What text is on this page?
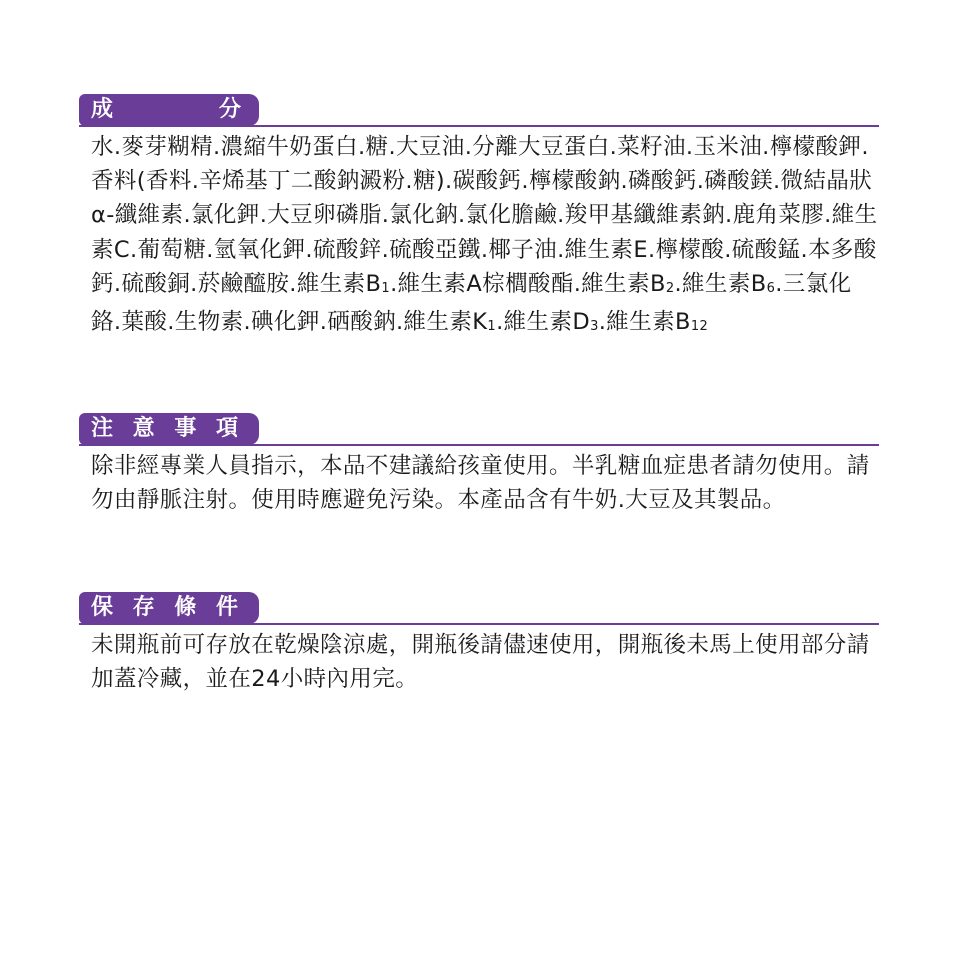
成	分

水.麥芽糊精.濃縮牛奶蛋白.糖.大豆油.分離大豆蛋白.菜籽油.玉米油.檸檬酸鉀.香料(香料.辛烯基丁二酸鈉澱粉.糖).碳酸鈣.檸檬酸鈉.磷酸鈣.磷酸鎂.微結晶狀α-纖維素.氯化鉀.大豆卵磷脂.氯化鈉.氯化膽鹼.羧甲基纖維素鈉.鹿角菜膠.維生素C.葡萄糖.氫氧化鉀.硫酸鋅.硫酸亞鐵.椰子油.維生素E.檸檬酸.硫酸錳.本多酸鈣.硫酸銅.菸鹼醯胺.維生素$B_1$.維生素A棕櫚酸酯.維生素$B_2$.維生素$B_6$.三氯化鉻.葉酸.生物素.碘化鉀.硒酸鈉.維生素$K_1$.維生素$D_3$.維生素$B_{12}$

注 意 事 項

除非經專業人員指示，本品不建議給孩童使用。半乳糖血症患者請勿使用。請勿由靜脈注射。使用時應避免污染。本產品含有牛奶.大豆及其製品。

保 存 條 件

未開瓶前可存放在乾燥陰涼處，開瓶後請儘速使用，開瓶後未馬上使用部分請加蓋冷藏，並在24小時內用完。
